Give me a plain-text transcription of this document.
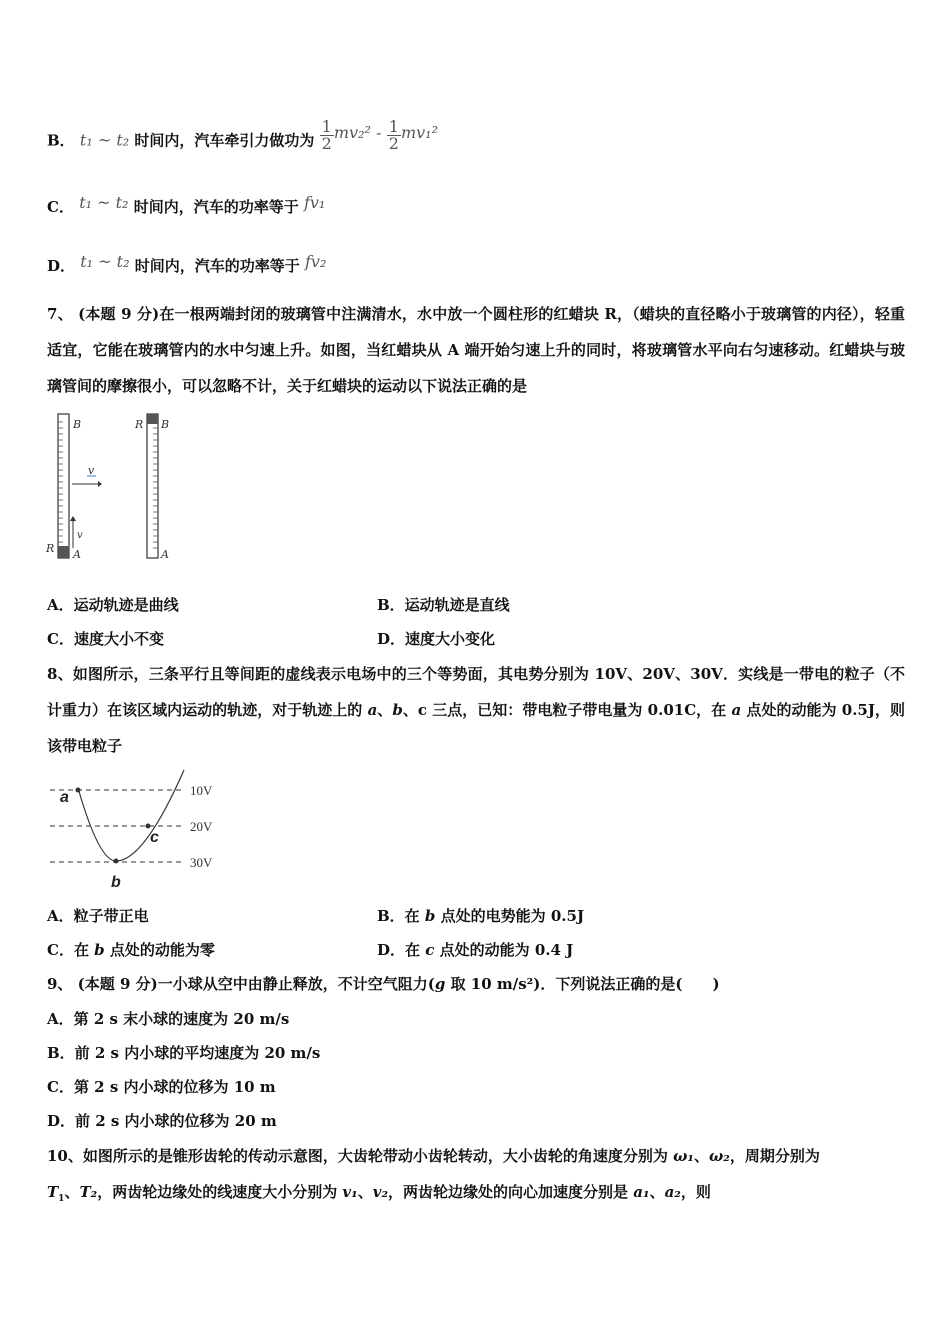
B． t₁ ~ t₂ 时间内，汽车牵引力做功为 $\frac{1}{2} mv_2^2 - \frac{1}{2} mv_1^2$
C． t₁ ~ t₂ 时间内，汽车的功率等于 fv₁
D． t₁ ~ t₂ 时间内，汽车的功率等于 fv₂
7、 (本题 9 分)在一根两端封闭的玻璃管中注满清水，水中放一个圆柱形的红蜡块 R，（蜡块的直径略小于玻璃管的内径），轻重适宜，它能在玻璃管内的水中匀速上升。如图，当红蜡块从 A 端开始匀速上升的同时，将玻璃管水平向右匀速移动。红蜡块与玻璃管间的摩擦很小，可以忽略不计，关于红蜡块的运动以下说法正确的是
B
R A
v
v
R B
A
A．运动轨迹是曲线	B．运动轨迹是直线
C．速度大小不变	D．速度大小变化
8、如图所示，三条平行且等间距的虚线表示电场中的三个等势面，其电势分别为 10V、20V、30V．实线是一带电的粒子（不计重力）在该区域内运动的轨迹，对于轨迹上的 a、b、c 三点，已知：带电粒子带电量为 0.01C，在 a 点处的动能为 0.5J，则该带电粒子
10V
20V
30V
a
b
c
A．粒子带正电	B．在 b 点处的电势能为 0.5J
C．在 b 点处的动能为零	D．在 c 点处的动能为 0.4 J
9、 (本题 9 分)一小球从空中由静止释放，不计空气阻力(g 取 10 m/s²)．下列说法正确的是(　　)
A．第 2 s 末小球的速度为 20 m/s
B．前 2 s 内小球的平均速度为 20 m/s
C．第 2 s 内小球的位移为 10 m
D．前 2 s 内小球的位移为 20 m
10、如图所示的是锥形齿轮的传动示意图，大齿轮带动小齿轮转动，大小齿轮的角速度分别为 ω₁、ω₂，周期分别为
$T_1$、T₂，两齿轮边缘处的线速度大小分别为 v₁、v₂，两齿轮边缘处的向心加速度分别是 a₁、a₂，则
